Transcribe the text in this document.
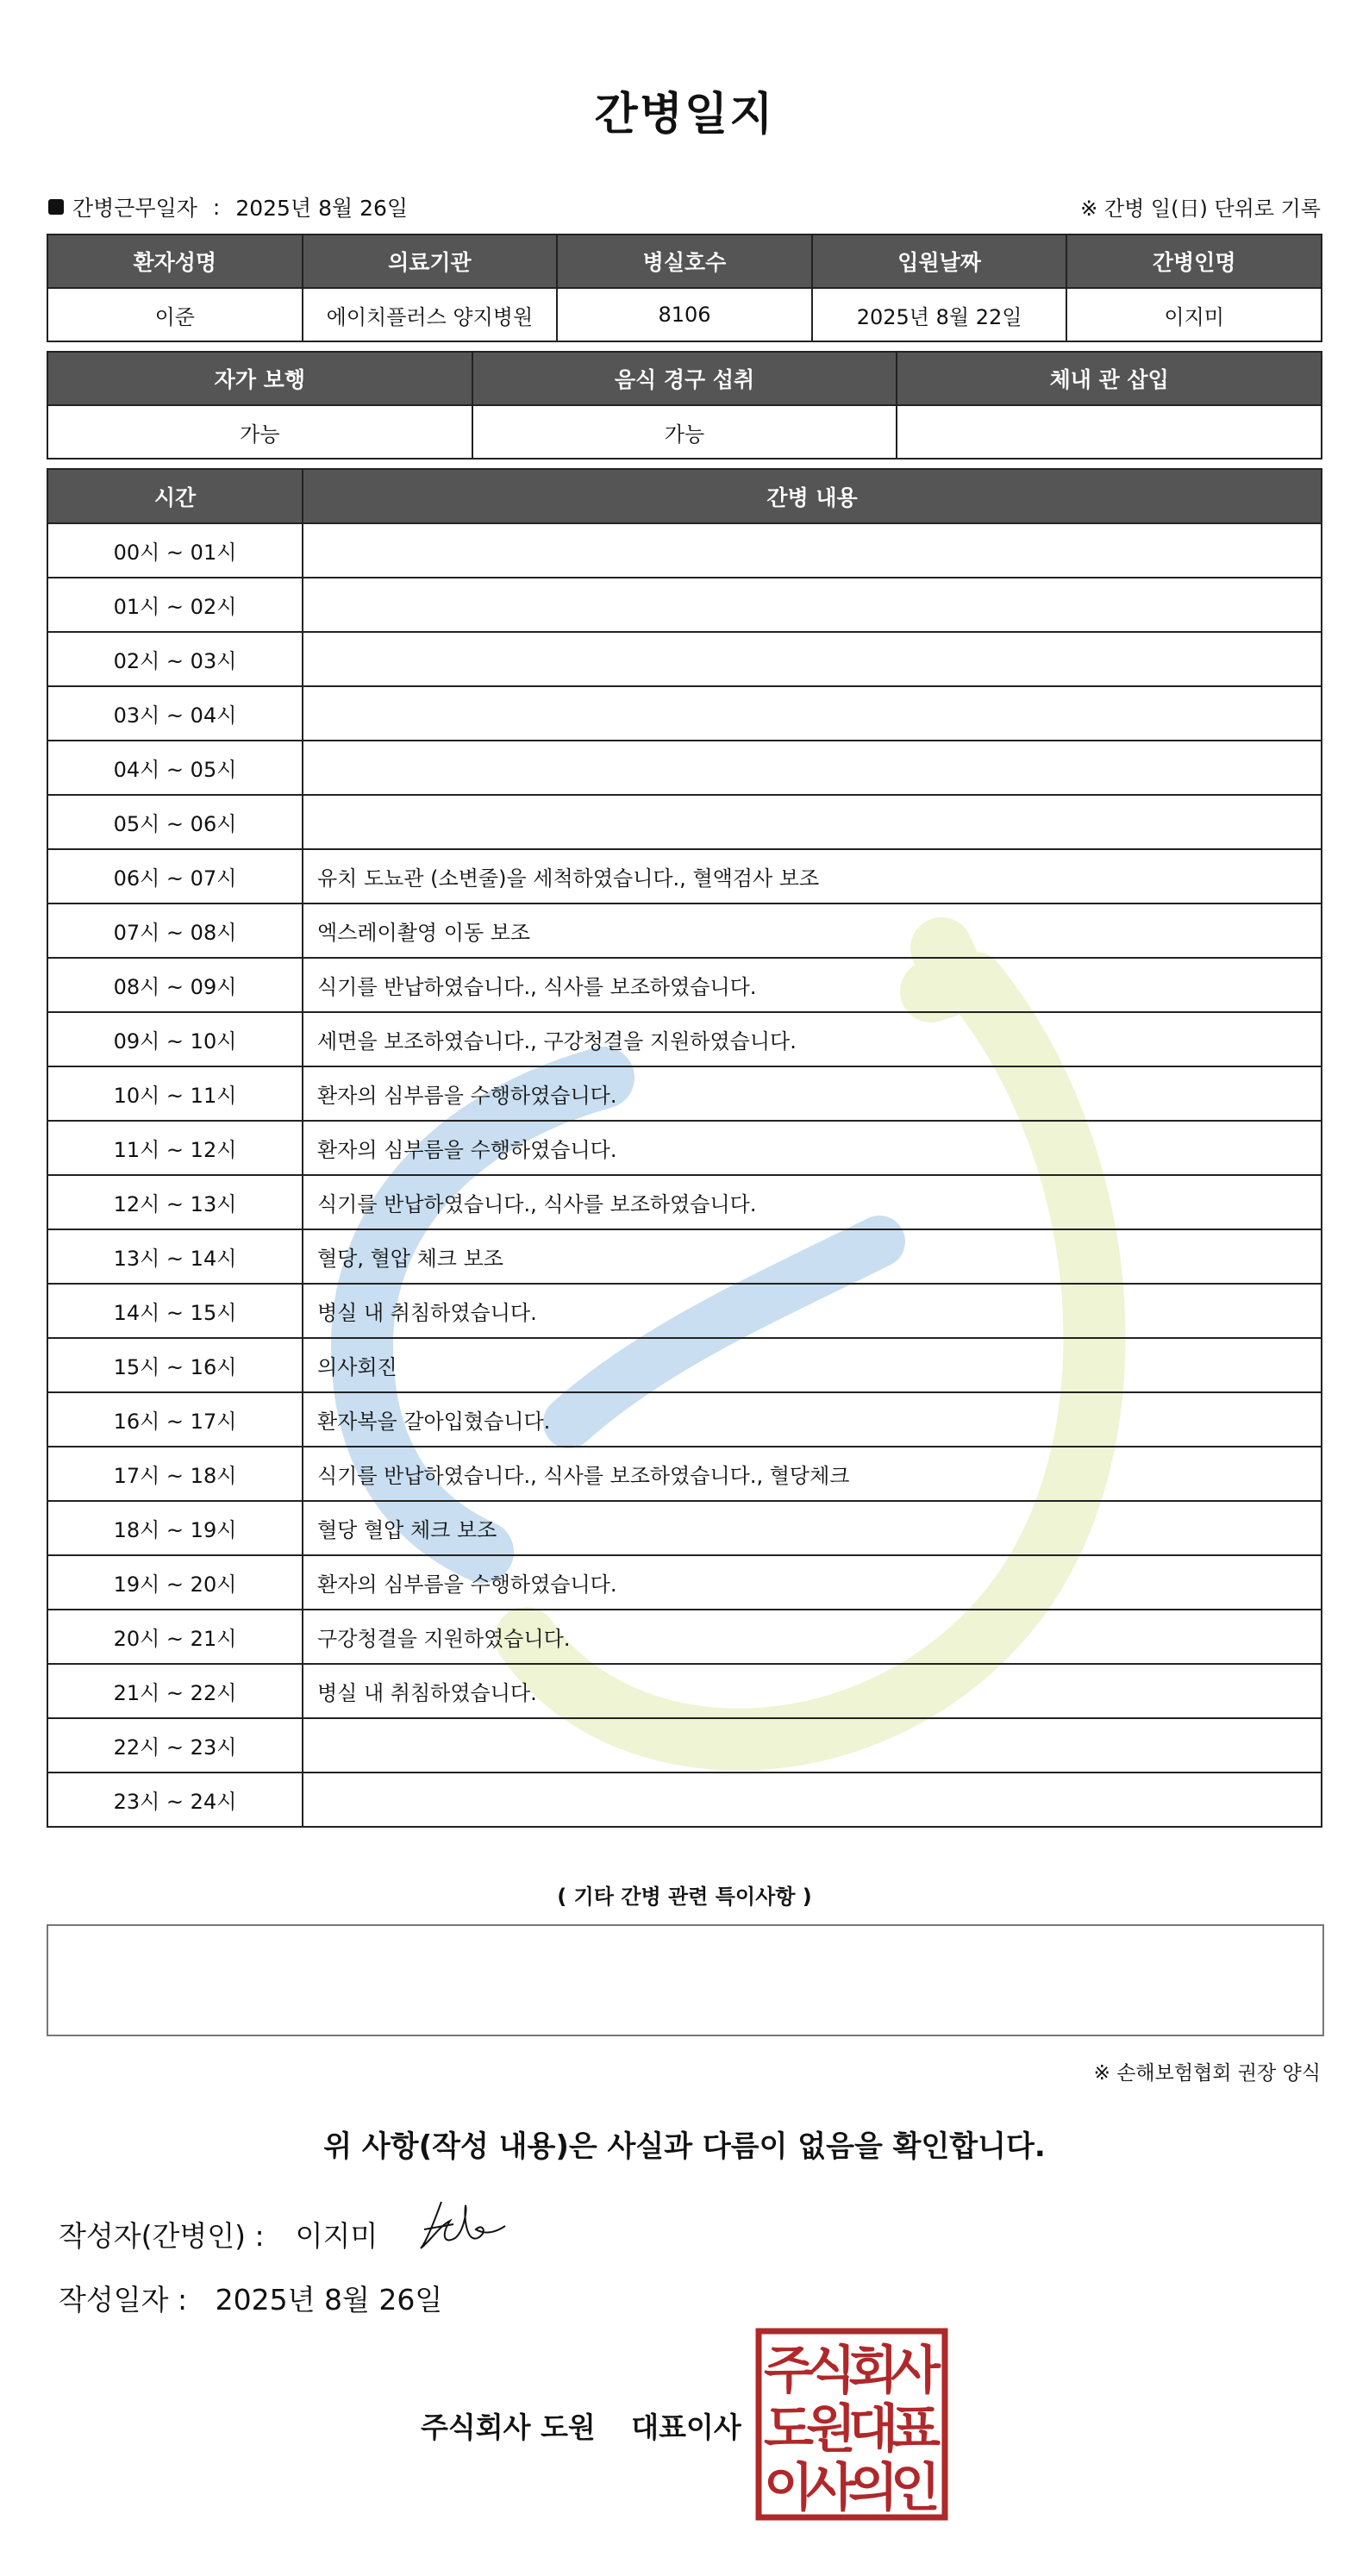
간병일지
간병근무일자 : 2025년 8월 26일	※ 간병 일(日) 단위로 기록
환자성명	의료기관	병실호수	입원날짜	간병인명
이준	에이치플러스 양지병원	8106	2025년 8월 22일	이지미
자가 보행	음식 경구 섭취	체내 관 삽입
가능	가능	
시간	간병 내용
00시 ~ 01시	
01시 ~ 02시	
02시 ~ 03시	
03시 ~ 04시	
04시 ~ 05시	
05시 ~ 06시	
06시 ~ 07시	유치 도뇨관 (소변줄)을 세척하였습니다., 혈액검사 보조
07시 ~ 08시	엑스레이촬영 이동 보조
08시 ~ 09시	식기를 반납하였습니다., 식사를 보조하였습니다.
09시 ~ 10시	세면을 보조하였습니다., 구강청결을 지원하였습니다.
10시 ~ 11시	환자의 심부름을 수행하였습니다.
11시 ~ 12시	환자의 심부름을 수행하였습니다.
12시 ~ 13시	식기를 반납하였습니다., 식사를 보조하였습니다.
13시 ~ 14시	혈당, 혈압 체크 보조
14시 ~ 15시	병실 내 취침하였습니다.
15시 ~ 16시	의사회진
16시 ~ 17시	환자복을 갈아입혔습니다.
17시 ~ 18시	식기를 반납하였습니다., 식사를 보조하였습니다., 혈당체크
18시 ~ 19시	혈당 혈압 체크 보조
19시 ~ 20시	환자의 심부름을 수행하였습니다.
20시 ~ 21시	구강청결을 지원하였습니다.
21시 ~ 22시	병실 내 취침하였습니다.
22시 ~ 23시	
23시 ~ 24시	
( 기타 간병 관련 특이사항 )
※ 손해보험협회 권장 양식
위 사항(작성 내용)은 사실과 다름이 없음을 확인합니다.
작성자(간병인) : 이지미
작성일자 : 2025년 8월 26일
주식회사 도원 대표이사
주
식
회
사
도
원
대
표
이
사
의
인
